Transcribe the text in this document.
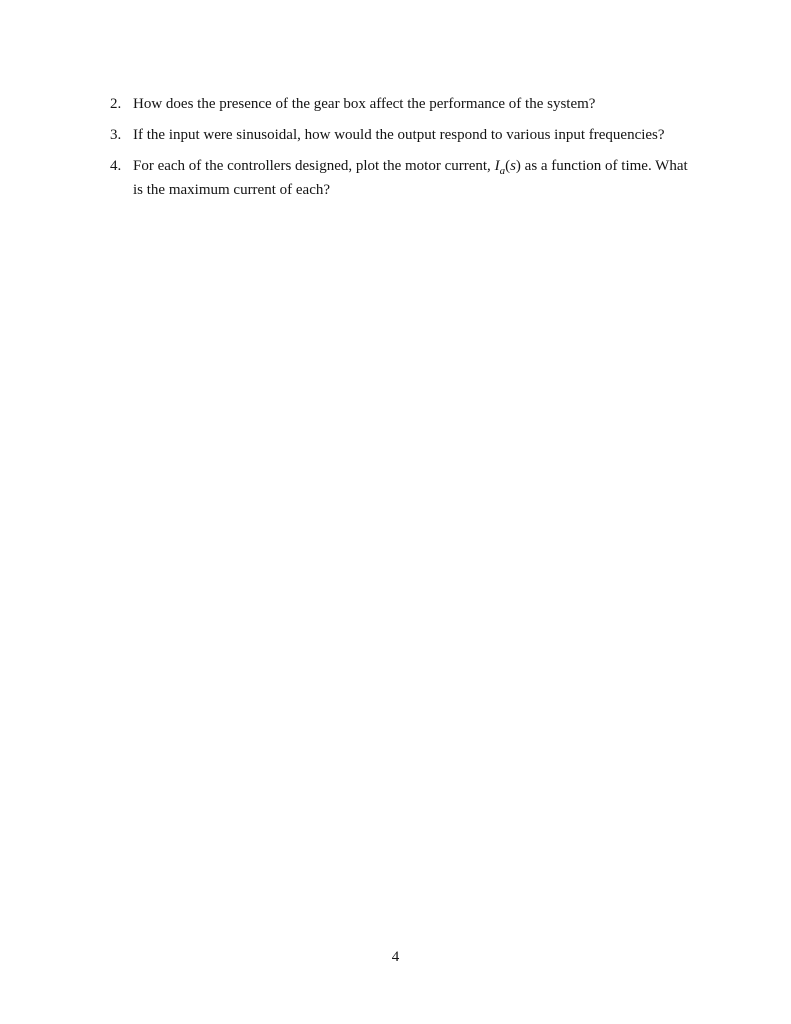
2. How does the presence of the gear box affect the performance of the system?
3. If the input were sinusoidal, how would the output respond to various input frequencies?
4. For each of the controllers designed, plot the motor current, $I_a(s)$ as a function of time. What
is the maximum current of each?
4
